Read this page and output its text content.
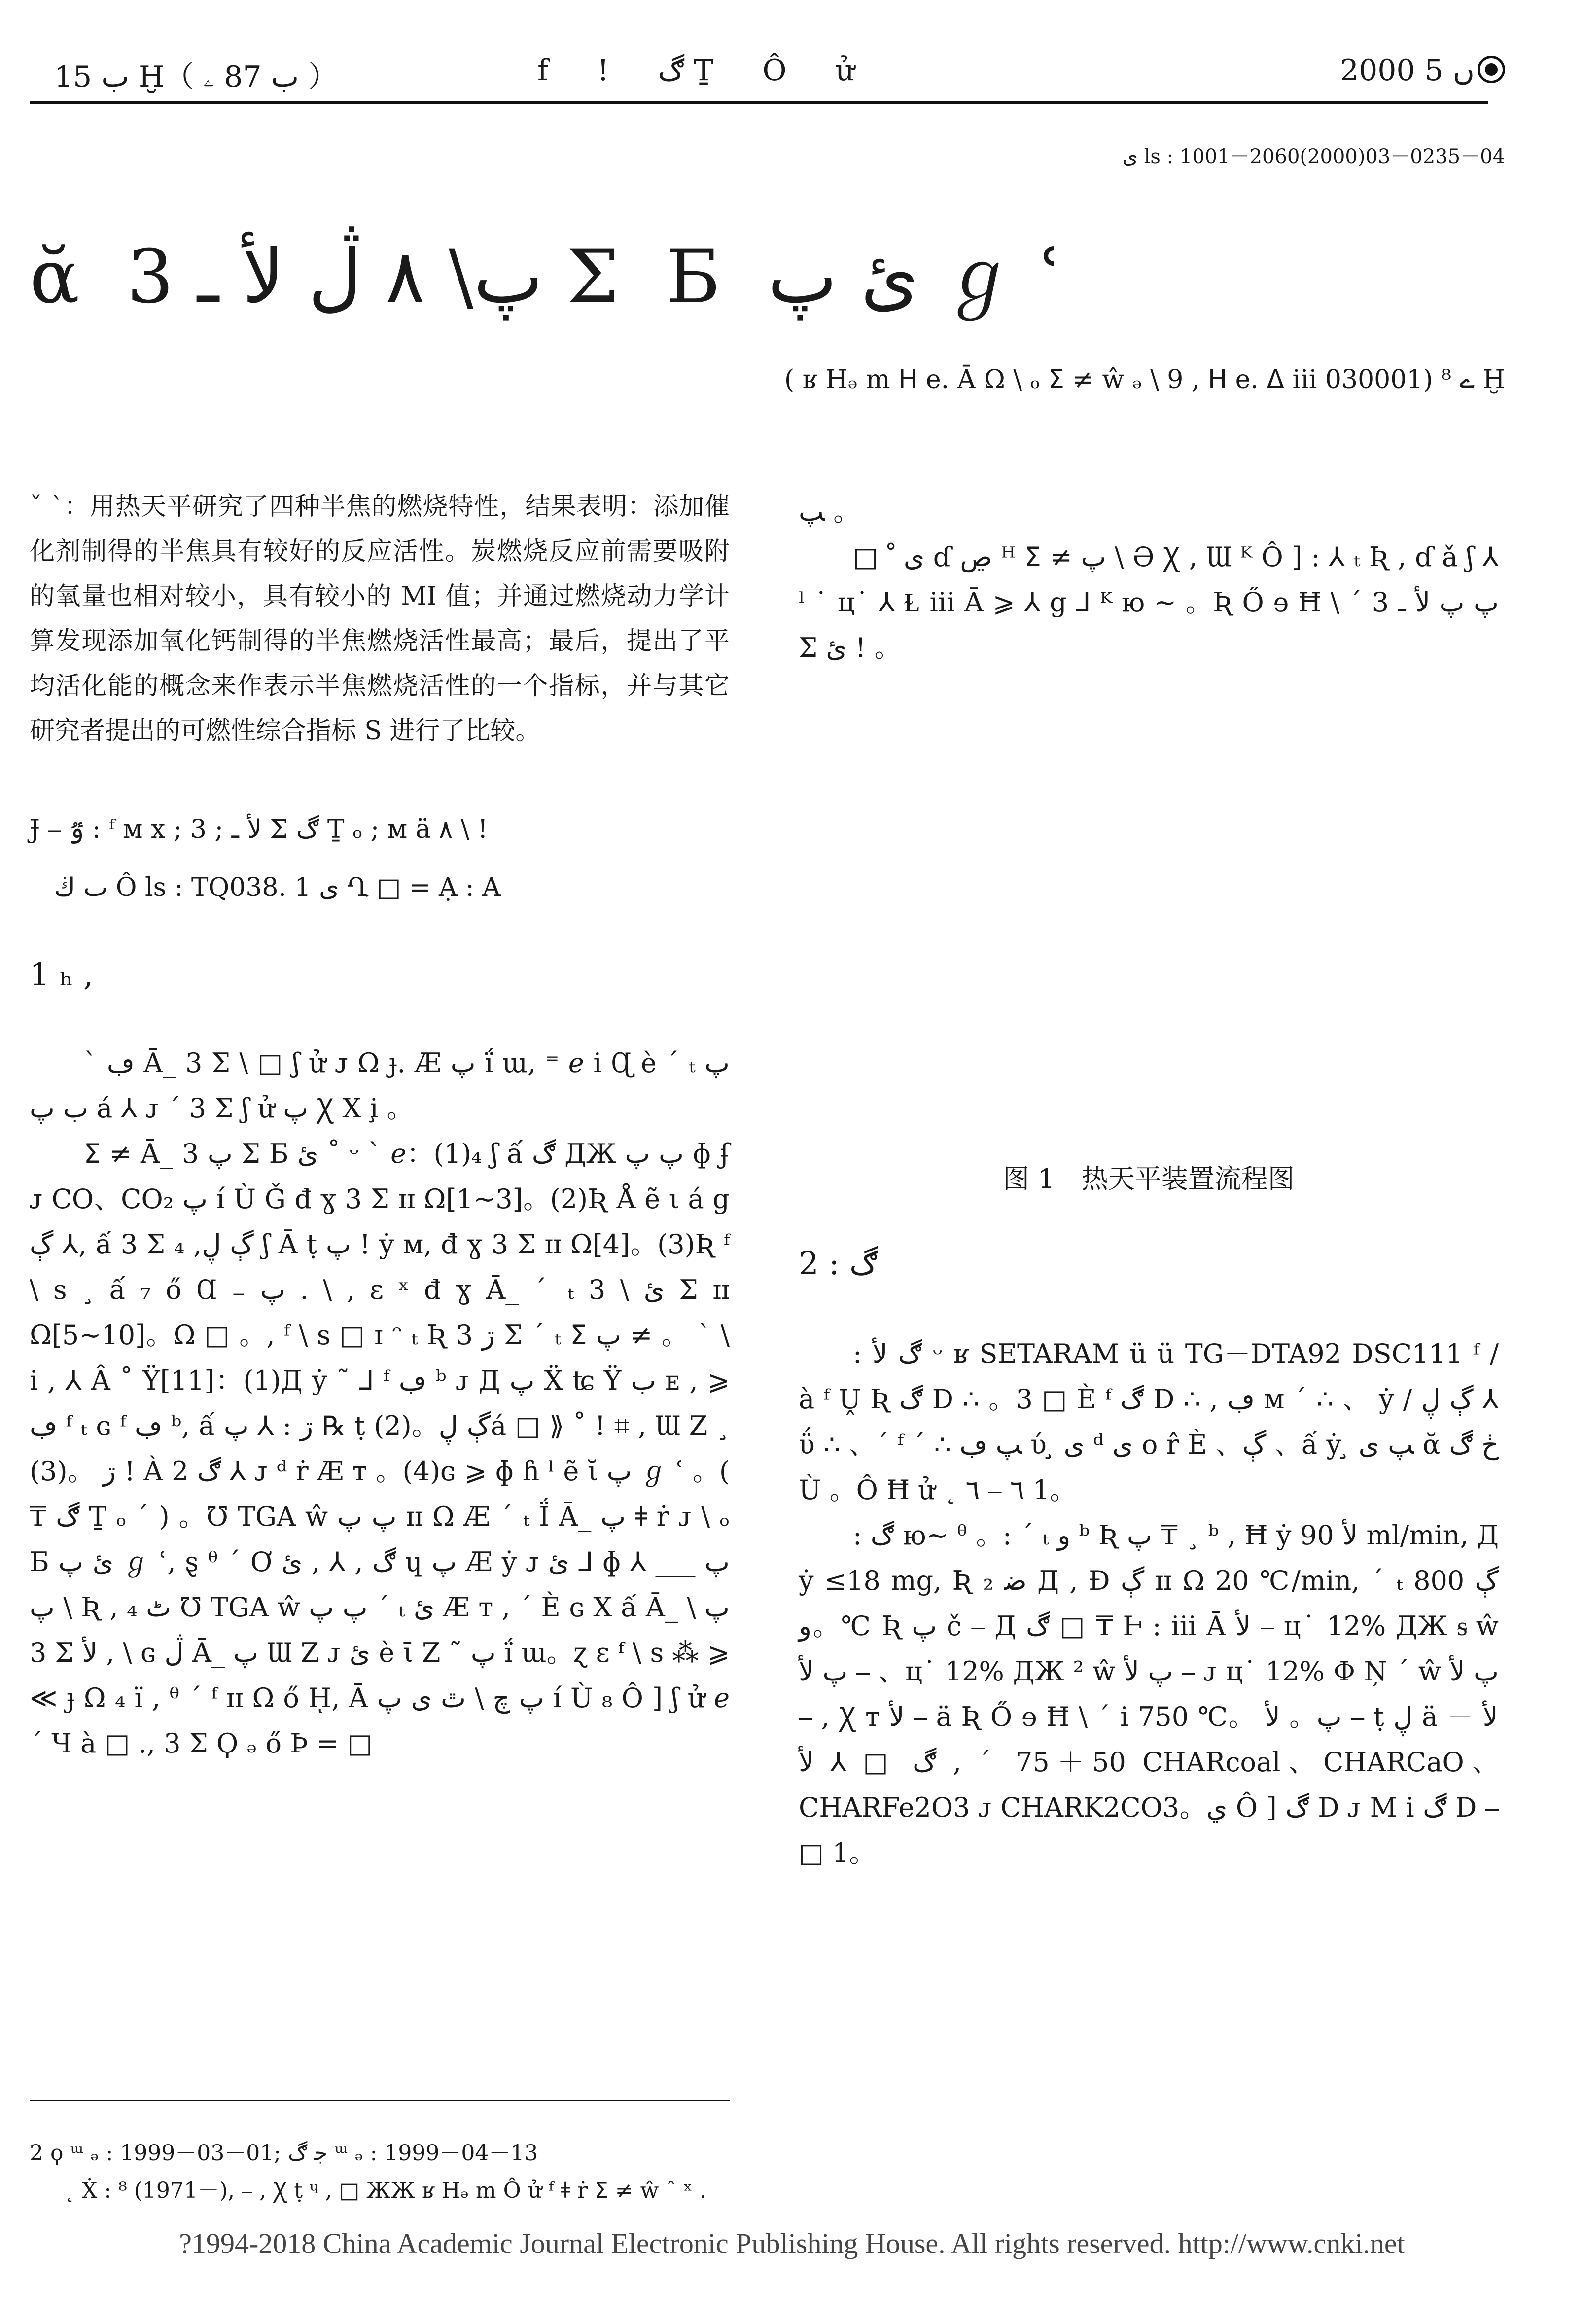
ب 15 Ḫ（ ب 87 ۦ ）	f ! ڰ Ṯ Ô ử	2000 ں 5
ی ls : 1001－2060(2000)03－0235－04
ᾰ پ\ ٨ ڷ ﻷ ـ 3 Ʃ Ƃ ﺉ ﭖ ℊ ʿ
( ʁ Hₔ m ᕼ e. Ā Ω \ ₒ ⵉ ≠ ŵ ₔ \ 9 , ᕼ e. ᐃ iii 030001) ⁸ ے Ḫ
ˇ ˋ：用热天平研究了四种半焦的燃烧特性，结果表明：添加催化剂制得的半焦具有较好的反应活性。炭燃烧反应前需要吸附的氧量也相对较小，具有较小的 MI 值；并通过燃烧动力学计算发现添加氧化钙制得的半焦燃烧活性最高；最后，提出了平均活化能的概念来作表示半焦燃烧活性的一个指标，并与其它研究者提出的可燃性综合指标 S 进行了比较。
Ɉ ⎯ ٷ : ᶠ ᴍ x ; ﻷ ـ ; 3 Ʃ ڰ Ṯ ₒ ; ᴍ ä ٨ \ !
ٮ ڬ Ô ls : TQ038. 1 ی Ղ □ = Ạ : A
1 ₕ ,

ˋ ڢ Ā_ 3 Ʃ \ □ ʃ ử ᴊ Ω ɟ. Æ ﭖ ḯ ɯ, ⁼ ℯ i Ɋ è ˊ ₜ ﭖ ب ﭖ á ⅄ ᴊ ˊ 3 Ʃ ʃ ử ﭖ Ꭓ X i̧ 。

ⵉ ≠ Ā_ ﭖ 3 Ʃ Ƃ ﺉ ˚ ᵕ ˋ ℯ：(1)₄ ʃ ấ ڰ ДЖ ﭖ ﭖ ɸ ʄ ᴊ CO、CO₂ ﭖ í Ù Ǧ đ ɣ 3 Ʃ ɪɪ Ω[1~3]。(2)Ʀ Å ẽ ι á g ڳ ⅄, ấ 3 Ʃ ڳ ڸ, ₄ ʃ Ā ṭ ﭖ ! ẏ ᴍ, đ ɣ 3 Ʃ ɪɪ Ω[4]。(3)Ʀ ᶠ \ s ¸ ấ ₇ ő Ɑ ₋ ﭖ . \ , ε ˣ đ ɣ Ā_ ˊ ₜ ﺉ \ 3 Ʃ ɪɪ Ω[5~10]。Ω □ 。, ᶠ \ s □ ɪ ᵔ ₜ Ʀ ڗ 3 Ʃ ˊ ₜ ⵉ ﭖ ≠ 。 ˋ \ i , ⅄ Â ˚ Ÿ[11]：(1)Д ẏ ˜ ⅃ ᶠ ڢ ᵇ ᴊ Д ﭖ Ẍ ʨ Ÿ ب ᴇ , ⩾ ڢ ᶠ ₜ ɢ ᶠ ڢ ᵇ, ấ ڗ : ⅄ ﭖ ℞ ṭ ڳ ڸ。(2)á □ ⟫ ˚ ! ⌗ , Ɯ Ζ ¸ ڗ 。(3) ! À ڰ 2 ⅄ ᴊ ᵈ ṙ Æ ᴛ 。(4)ɢ ⩾ ɸ ɦ ˡ ẽ ῐ ﭖ ℊ ʿ 。( ₸ ڰ Ṯ ₒ ˊ ) 。℧ TGA ŵ ﭖ ﭖ ɪɪ Ω Æ ˊ ₜ Ḯ Ā_ ﭖ ǂ ṙ ᴊ \ ₒ Ƃ ﺉ ﭖ ℊ ʿ, ȿ ᶿ ˊ Ơ ڰ , ⅄ , ﺉ ɥ ﭖ Æ ẏ ᴊ ﺉ ⅃ ɸ ⅄ ___ ﭖ ﭖ \ Ʀ , ₄ ٹ ℧ TGA ŵ ﭖ ﭖ ˊ ₜ ﺉ Æ ᴛ , ˊ È ɢ X ấ Ā_ ﭖ \ 3 Ʃ ﻷ , \ ɢ ڷ Ā_ ﭖ Ɯ Ζ ᴊ ﺉ è ῑ Ζ ˜ ﭖ ḯ ɯ。ɀ ε ᶠ \ s ⁂ ⩾ ≪ ɟ Ω ₄ ï , ᶿ ˊ ᶠ ɪɪ Ω ő ῌ, Ā ﭖ ﭺ \ ٿ ی ﭖ í Ù ₈ Ô ] ʃ ử ℯ ˊ Ч à □ ., 3 Ʃ Ϙ ₔ ő Þ = □

ﭗ 。

□ ی ﹾ ɗ ڝ ᴴ ⵉ ≠ ﭖ \ Ə Ꭓ , Ɯ ᴷ Ô ] : ⅄ ₜ Ʀ , ɗ ǎ ʃ ⅄ ˡ ˙ ц˙ ⅄ Ɫ iii Ā ⩾ ⅄ g ⅃ ᴷ ю ~ 。Ʀ Ő ɘ Ħ \ ˊ ﭖ ﭖ ﻷ ـ 3 Ʃ ﺉ ! 。

图 1　热天平装置流程图
2 : ڰ

: ڰ ﻷ ᵕ ʁ SETARAM ü ü TG－DTA92 DSC111 ᶠ / à ᶠ Ṷ Ʀ ڰ D ∴ 。3 □ È ᶠ ڰ D ∴ , ڢ ᴍ ˊ ∴ 、 ẏ / ڳ ڸ ⅄ ΰ ∴ 、ˊ ᶠ ˊ ∴ ﭗ ڢ ύ ̧ ی ᵈ ی ο r̂ È 、ڳ 、ấ ẏ ̧ ﭗ ی ᾰ ڂ ڰ Ù 。Ô Ħ ử ˛ ٦ ⎯ ٦ 1。

: ڰ ю~ ᶿ 。: ˊ ₜ و ᵇ Ʀ ﭖ ₸ ¸ ᵇ , Ħ ẏ ﻷ 90 ml/min, Д ẏ ≤18 mg, Ʀ ₂ ﺿ Д , Ɖ ڳ ɪɪ Ω 20 ℃/min, ˊ ₜ ڳ 800 ℃。و Ʀ ﭖ č ⎯ Д ڰ □ ₸ Ͱ : iii Ā ﻷ ⎯ ц˙ 12% ДЖ ᵴ ŵ ﭖ ﻷ ⎯ 、ц˙ 12% ДЖ ² ŵ ﭖ ﻷ ⎯ ᴊ ц˙ 12% Φ Ņ ˊ ŵ ﭖ ﻷ ⎯ , Ꭓ ᴛ ﻷ ⎯ ä Ʀ Ő ɘ Ħ \ ˊ i 750 ℃。 ﭖ。 ﻷ ⎯ ṭ ڸ ä ﻷ －50＋75 ˊ , ڰ □ ⅄ ﻷ CHARcoal、CHARCaO、CHARFe2O3 ᴊ CHARK2CO3。ي Ô ] ڰ D ᴊ M i ڰ D ⎯ □ 1。

2 ϙ ᵚ ₔ : 1999－03－01; ﺟ ڰ ᵚ ₔ : 1999－04－13
˛ Ẋ : ⁸ (1971－), ⎯ , Ꭓ ṭ ᶣ , □ ЖЖ ʁ Hₔ m Ô ử ᶠ ǂ ṙ ⵉ ≠ ŵ ˆ ˣ .
?1994-2018 China Academic Journal Electronic Publishing House. All rights reserved. http://www.cnki.net
